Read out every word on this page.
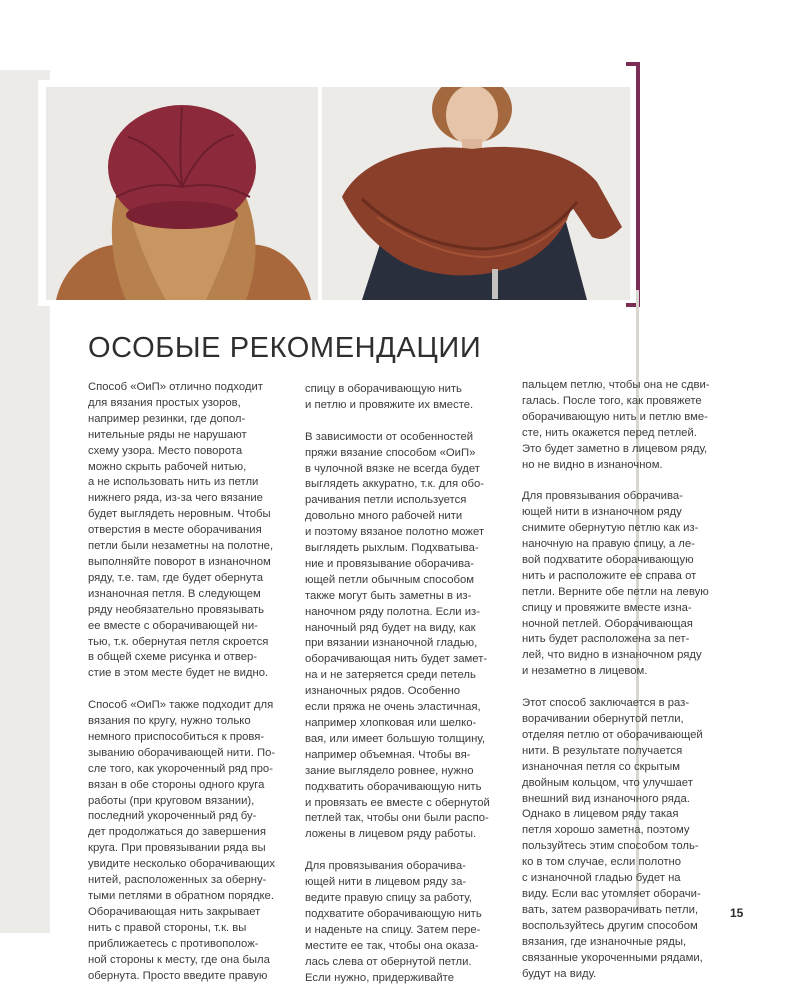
ОСОБЫЕ РЕКОМЕНДАЦИИ

Способ «ОиП» отлично подходит
для вязания простых узоров,
например резинки, где допол-
нительные ряды не нарушают
схему узора. Место поворота
можно скрыть рабочей нитью,
а не использовать нить из петли
нижнего ряда, из-за чего вязание
будет выглядеть неровным. Чтобы
отверстия в месте оборачивания
петли были незаметны на полотне,
выполняйте поворот в изнаночном
ряду, т.е. там, где будет обернута
изнаночная петля. В следующем
ряду необязательно провязывать
ее вместе с оборачивающей ни-
тью, т.к. обернутая петля скроется
в общей схеме рисунка и отвер-
стие в этом месте будет не видно.

Способ «ОиП» также подходит для
вязания по кругу, нужно только
немного приспособиться к провя-
зыванию оборачивающей нити. По-
сле того, как укороченный ряд про-
вязан в обе стороны одного круга
работы (при круговом вязании),
последний укороченный ряд бу-
дет продолжаться до завершения
круга. При провязывании ряда вы
увидите несколько оборачивающих
нитей, расположенных за оберну-
тыми петлями в обратном порядке.
Оборачивающая нить закрывает
нить с правой стороны, т.к. вы
приближаетесь с противополож-
ной стороны к месту, где она была
обернута. Просто введите правую

спицу в оборачивающую нить
и петлю и провяжите их вместе.

В зависимости от особенностей
пряжи вязание способом «ОиП»
в чулочной вязке не всегда будет
выглядеть аккуратно, т.к. для обо-
рачивания петли используется
довольно много рабочей нити
и поэтому вязаное полотно может
выглядеть рыхлым. Подхватыва-
ние и провязывание оборачива-
ющей петли обычным способом
также могут быть заметны в из-
наночном ряду полотна. Если из-
наночный ряд будет на виду, как
при вязании изнаночной гладью,
оборачивающая нить будет замет-
на и не затеряется среди петель
изнаночных рядов. Особенно
если пряжа не очень эластичная,
например хлопковая или шелко-
вая, или имеет большую толщину,
например объемная. Чтобы вя-
зание выглядело ровнее, нужно
подхватить оборачивающую нить
и провязать ее вместе с обернутой
петлей так, чтобы они были распо-
ложены в лицевом ряду работы.

Для провязывания оборачива-
ющей нити в лицевом ряду за-
ведите правую спицу за работу,
подхватите оборачивающую нить
и наденьте на спицу. Затем пере-
местите ее так, чтобы она оказа-
лась слева от обернутой петли.
Если нужно, придерживайте

пальцем петлю, чтобы она не сдви-
галась. После того, как провяжете
оборачивающую нить и петлю вме-
сте, нить окажется перед петлей.
Это будет заметно в лицевом ряду,
но не видно в изнаночном.

Для провязывания оборачива-
ющей нити в изнаночном ряду
снимите обернутую петлю как из-
наночную на правую спицу, а ле-
вой подхватите оборачивающую
нить и расположите ее справа от
петли. Верните обе петли на левую
спицу и провяжите вместе изна-
ночной петлей. Оборачивающая
нить будет расположена за пет-
лей, что видно в изнаночном ряду
и незаметно в лицевом.

Этот способ заключается в раз-
ворачивании обернутой петли,
отделяя петлю от оборачивающей
нити. В результате получается
изнаночная петля со скрытым
двойным кольцом, что улучшает
внешний вид изнаночного ряда.
Однако в лицевом ряду такая
петля хорошо заметна, поэтому
пользуйтесь этим способом толь-
ко в том случае, если полотно
с изнаночной гладью будет на
виду. Если вас утомляет оборачи-
вать, затем разворачивать петли,
воспользуйтесь другим способом
вязания, где изнаночные ряды,
связанные укороченными рядами,
будут на виду.

15
